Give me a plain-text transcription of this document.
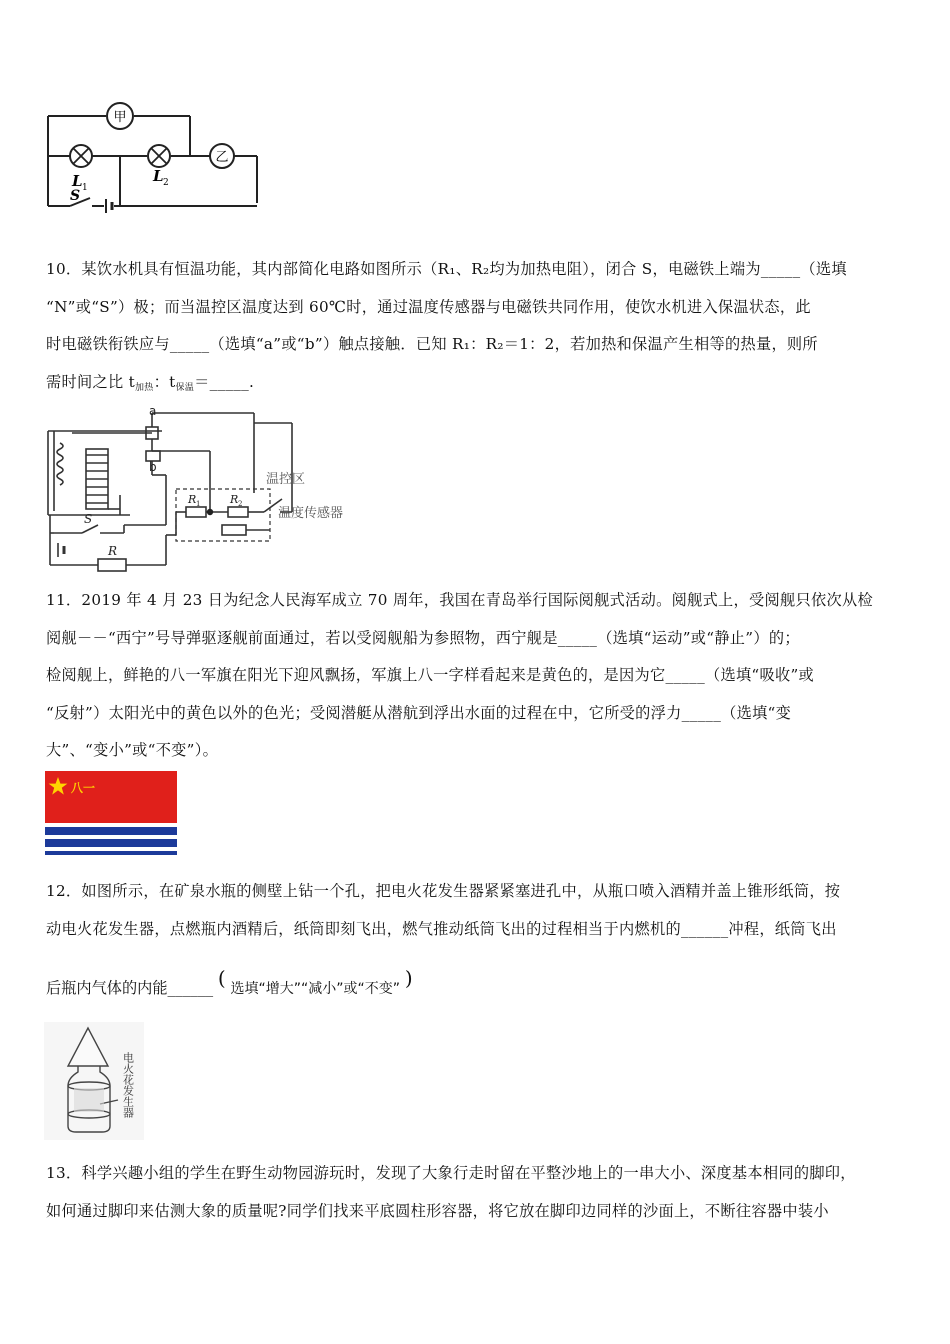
甲
乙
L 1
L 2
S

10．某饮水机具有恒温功能，其内部简化电路如图所示（R₁、R₂均为加热电阻），闭合 S，电磁铁上端为_____（选填

“N”或“S”）极；而当温控区温度达到 60℃时，通过温度传感器与电磁铁共同作用，使饮水机进入保温状态，此

时电磁铁衔铁应与_____（选填“a”或“b”）触点接触．已知 R₁：R₂＝1：2，若加热和保温产生相等的热量，则所

需时间之比 t加热：t保温＝_____.

a
b
温控区
温度传感器
R 1	R 2
S
R

11．2019 年 4 月 23 日为纪念人民海军成立 70 周年，我国在青岛举行国际阅舰式活动。阅舰式上，受阅舰只依次从检

阅舰－－“西宁”号导弹驱逐舰前面通过，若以受阅舰船为参照物，西宁舰是_____（选填“运动”或“静止”）的；

检阅舰上，鲜艳的八一军旗在阳光下迎风飘扬，军旗上八一字样看起来是黄色的，是因为它_____（选填“吸收”或

“反射”）太阳光中的黄色以外的色光；受阅潜艇从潜航到浮出水面的过程在中，它所受的浮力_____（选填“变

大”、“变小”或“不变”）。

八一

12．如图所示，在矿泉水瓶的侧壁上钻一个孔，把电火花发生器紧紧塞进孔中，从瓶口喷入酒精并盖上锥形纸筒，按

动电火花发生器，点燃瓶内酒精后，纸筒即刻飞出，燃气推动纸筒飞出的过程相当于内燃机的______冲程，纸筒飞出

后瓶内气体的内能______ ( 选填“增大”“减小”或“不变” )
电火花发生器

13．科学兴趣小组的学生在野生动物园游玩时，发现了大象行走时留在平整沙地上的一串大小、深度基本相同的脚印，

如何通过脚印来估测大象的质量呢?同学们找来平底圆柱形容器，将它放在脚印边同样的沙面上，不断往容器中装小
